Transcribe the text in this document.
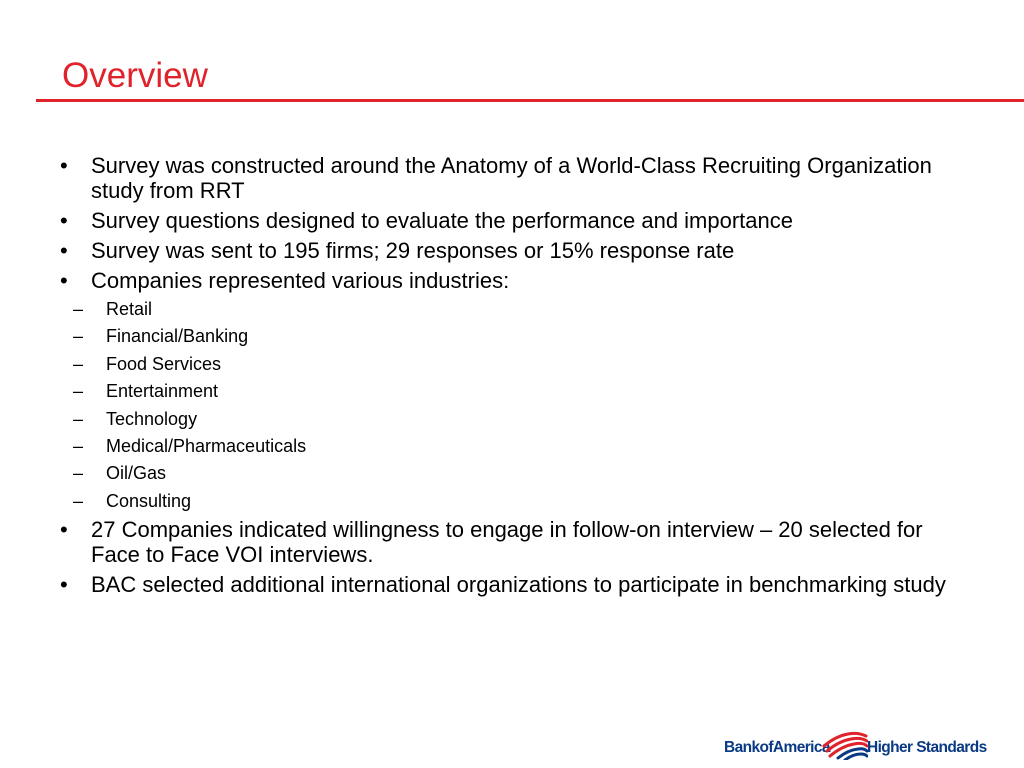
Overview
• Survey was constructed around the Anatomy of a World-Class Recruiting Organization study from RRT
• Survey questions designed to evaluate the performance and importance
• Survey was sent to 195 firms; 29 responses or 15% response rate
• Companies represented various industries:
– Retail
– Financial/Banking
– Food Services
– Entertainment
– Technology
– Medical/Pharmaceuticals
– Oil/Gas
– Consulting
• 27 Companies indicated willingness to engage in follow-on interview – 20 selected for Face to Face VOI interviews.
• BAC selected additional international organizations to participate in benchmarking study
BankofAmerica Higher Standards
